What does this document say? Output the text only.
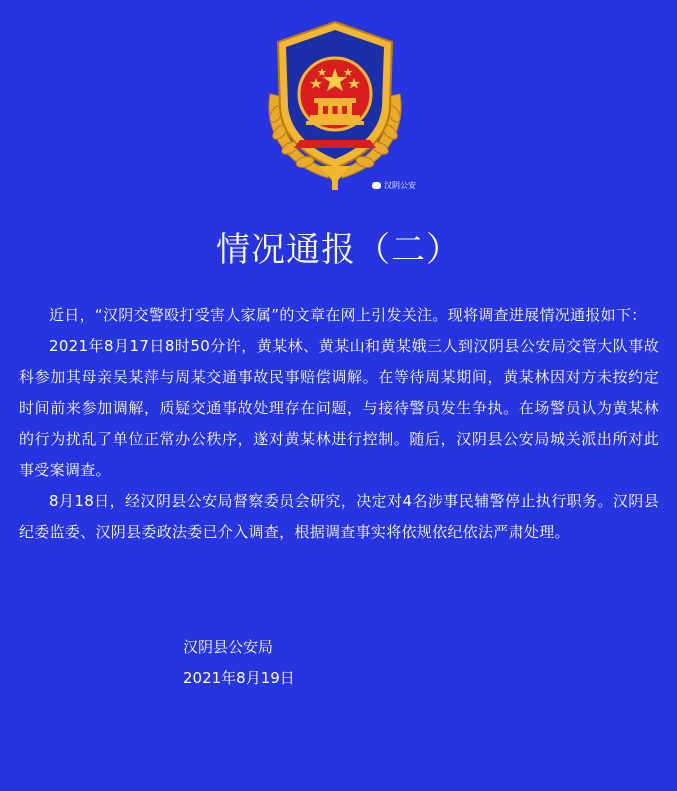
汉阴公安
情况通报（二）

近日，“汉阴交警殴打受害人家属”的文章在网上引发关注。现将调查进展情况通报如下：

2021年8月17日8时50分许，黄某林、黄某山和黄某娥三人到汉阴县公安局交管大队事故科参加其母亲吴某萍与周某交通事故民事赔偿调解。在等待周某期间，黄某林因对方未按约定时间前来参加调解，质疑交通事故处理存在问题，与接待警员发生争执。在场警员认为黄某林的行为扰乱了单位正常办公秩序，遂对黄某林进行控制。随后，汉阴县公安局城关派出所对此事受案调查。

8月18日，经汉阴县公安局督察委员会研究，决定对4名涉事民辅警停止执行职务。汉阴县纪委监委、汉阴县委政法委已介入调查，根据调查事实将依规依纪依法严肃处理。

汉阴县公安局
2021年8月19日
